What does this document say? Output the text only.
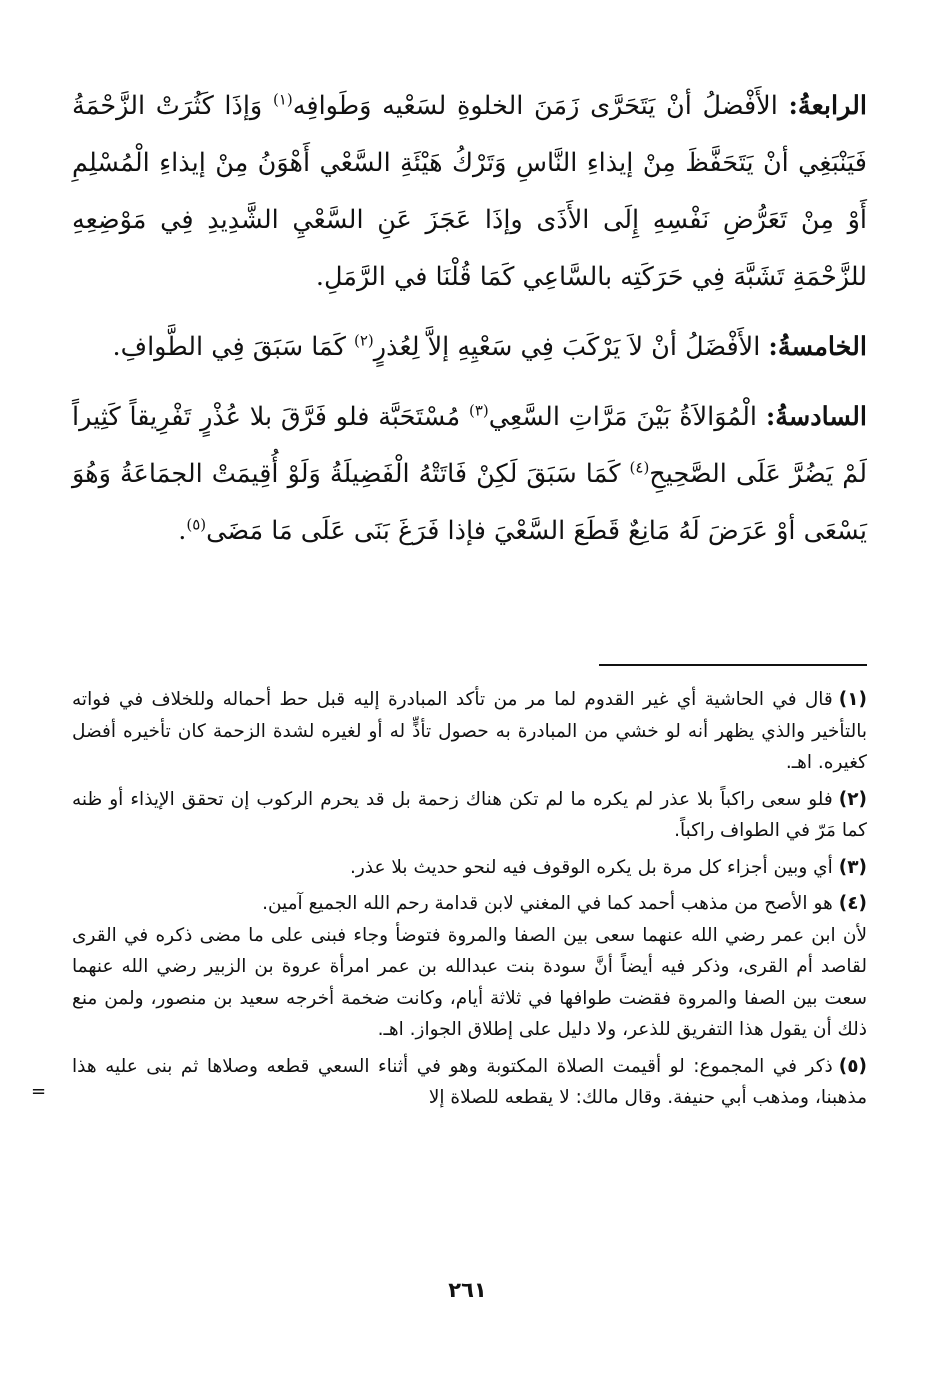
الرابعةُ: الأَفْضلُ أنْ يَتَحَرَّى زَمَنَ الخلوةِ لسَعْيه وَطَوافِه$^{(١)}$ وَإذَا كَثُرَتْ الزَّحْمَةُ فَيَنْبَغِي أنْ يَتَحَفَّظَ مِنْ إيذاءِ النَّاسِ وَتَرْكُ هَيْئَةِ السَّعْي أَهْوَنُ مِنْ إيذاءِ الْمُسْلِمِ أَوْ مِنْ تَعَرُّضِ نَفْسِهِ إِلَى الأَذَى وإذَا عَجَزَ عَنِ السَّعْيِ الشَّدِيدِ فِي مَوْضِعِهِ للزَّحْمَةِ تَشَبَّهَ فِي حَرَكَتِه بالسَّاعِي كَمَا قُلْنَا في الرَّمَلِ.

الخامسةُ: الأَفْضَلُ أنْ لاَ يَرْكَبَ فِي سَعْيِهِ إلاَّ لِعُذرٍ$^{(٢)}$ كَمَا سَبَقَ فِي الطَّوافِ.

السادسةُ: الْمُوَالاَةُ بَيْنَ مَرَّاتِ السَّعِي$^{(٣)}$ مُسْتَحَبَّة فلو فَرَّقَ بلا عُذْرٍ تَفْرِيقاً كَثِيراً لَمْ يَضُرَّ عَلَى الصَّحِيحِ$^{(٤)}$ كَمَا سَبَقَ لَكِنْ فَاتَتْهُ الْفَضِيلَةُ وَلَوْ أُقِيمَتْ الجمَاعَةُ وَهُوَ يَسْعَى أوْ عَرَضَ لَهُ مَانِعٌ قَطَعَ السَّعْيَ فإذا فَرَغَ بَنَى عَلَى مَا مَضَى$^{(٥)}$.

(١)قال في الحاشية أي غير القدوم لما مر من تأكد المبادرة إليه قبل حط أحماله وللخلاف في فواته بالتأخير والذي يظهر أنه لو خشي من المبادرة به حصول تأذٍّ له أو لغيره لشدة الزحمة كان تأخيره أفضل كغيره. اهـ.

(٢)فلو سعى راكباً بلا عذر لم يكره ما لم تكن هناك زحمة بل قد يحرم الركوب إن تحقق الإيذاء أو ظنه كما مَرّ في الطواف راكباً.

(٣)أي وبين أجزاء كل مرة بل يكره الوقوف فيه لنحو حديث بلا عذر.

(٤)هو الأصح من مذهب أحمد كما في المغني لابن قدامة رحم الله الجميع آمين.

لأن ابن عمر رضي الله عنهما سعى بين الصفا والمروة فتوضأ وجاء فبنى على ما مضى ذكره في القرى لقاصد أم القرى، وذكر فيه أيضاً أنَّ سودة بنت عبدالله بن عمر امرأة عروة بن الزبير رضي الله عنهما سعت بين الصفا والمروة فقضت طوافها في ثلاثة أيام، وكانت ضخمة أخرجه سعيد بن منصور، ولمن منع ذلك أن يقول هذا التفريق للذعر، ولا دليل على إطلاق الجواز. اهـ.

(٥)ذكر في المجموع: لو أقيمت الصلاة المكتوبة وهو في أثناء السعي قطعه وصلاها ثم بنى عليه هذا مذهبنا، ومذهب أبي حنيفة. وقال مالك: لا يقطعه للصلاة إلا
=

٢٦١
